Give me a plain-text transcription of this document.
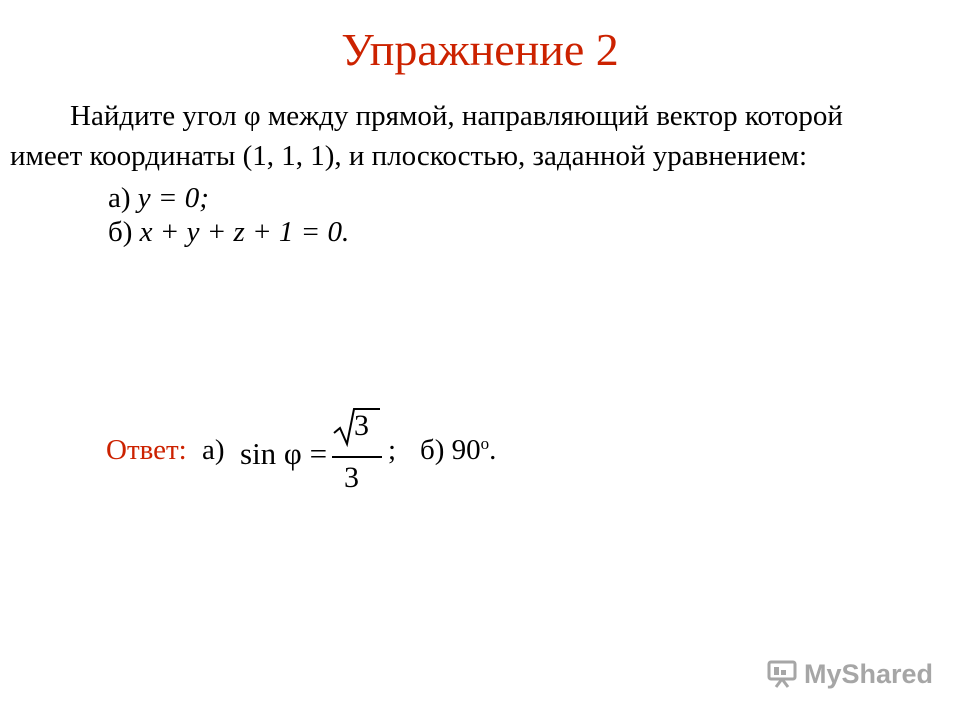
Упражнение 2
Найдите угол φ между прямой, направляющий вектор которой
имеет координаты (1, 1, 1), и плоскостью, заданной уравнением:
а) y = 0;
б) x + y + z + 1 = 0.
Ответ: а) sin φ =
3
3
; б) 90$^o$.
MyShared
